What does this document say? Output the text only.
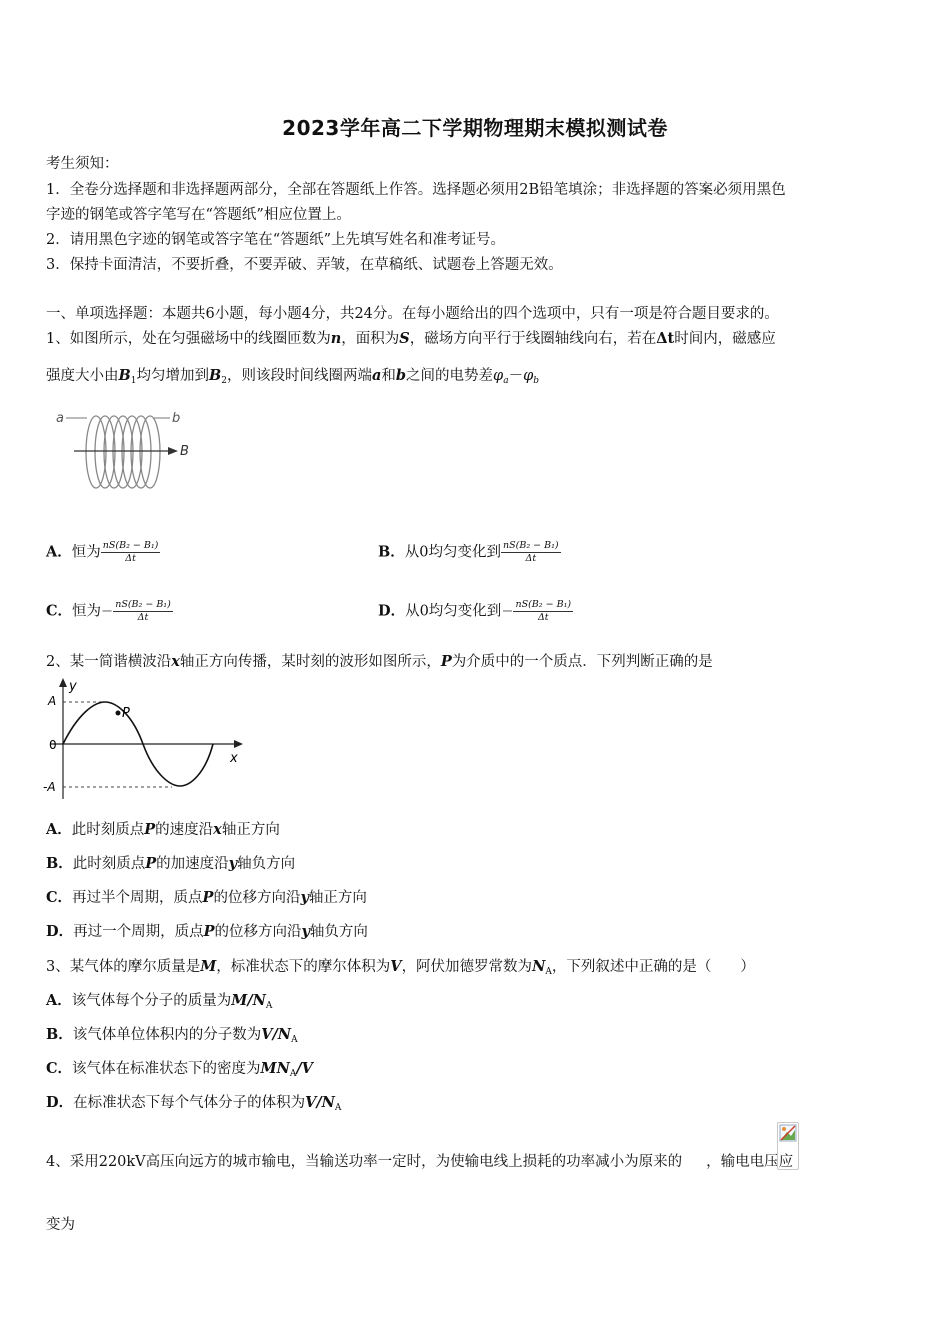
2023学年高二下学期物理期末模拟测试卷
考生须知：
1．全卷分选择题和非选择题两部分，全部在答题纸上作答。选择题必须用2B铅笔填涂；非选择题的答案必须用黑色
字迹的钢笔或答字笔写在“答题纸”相应位置上。
2．请用黑色字迹的钢笔或答字笔在“答题纸”上先填写姓名和准考证号。
3．保持卡面清洁，不要折叠，不要弄破、弄皱，在草稿纸、试题卷上答题无效。
一、单项选择题：本题共6小题，每小题4分，共24分。在每小题给出的四个选项中，只有一项是符合题目要求的。
1、如图所示，处在匀强磁场中的线圈匝数为n，面积为S，磁场方向平行于线圈轴线向右，若在Δt时间内，磁感应
强度大小由$B_1$均匀增加到$B_2$，则该段时间线圈两端a和b之间的电势差$\varphi_a-\varphi_b$
a	b
B
A．恒为 $\frac{\text{nS(B₂ − B₁)}}{\Delta t}$	B．从0均匀变化到 $\frac{\text{nS(B₂ − B₁)}}{\Delta t}$
C．恒为− $\frac{\text{nS(B₂ − B₁)}}{\Delta t}$	D．从0均匀变化到− $\frac{\text{nS(B₂ − B₁)}}{\Delta t}$
2、某一简谐横波沿x轴正方向传播，某时刻的波形如图所示，P为介质中的一个质点．下列判断正确的是
y
x
A
0
-A
P
A．此时刻质点P的速度沿x轴正方向
B．此时刻质点P的加速度沿y轴负方向
C．再过半个周期，质点P的位移方向沿y轴正方向
D．再过一个周期，质点P的位移方向沿y轴负方向
3、某气体的摩尔质量是M，标准状态下的摩尔体积为V，阿伏加德罗常数为$N_A$，下列叙述中正确的是（　　）
A．该气体每个分子的质量为$M/N_A$
B．该气体单位体积内的分子数为$V/N_A$
C．该气体在标准状态下的密度为$MN_A/V$
D．在标准状态下每个气体分子的体积为$V/N_A$
4、采用220kV高压向远方的城市输电，当输送功率一定时，为使输电线上损耗的功率减小为原来的 ，输电电压应
变为
